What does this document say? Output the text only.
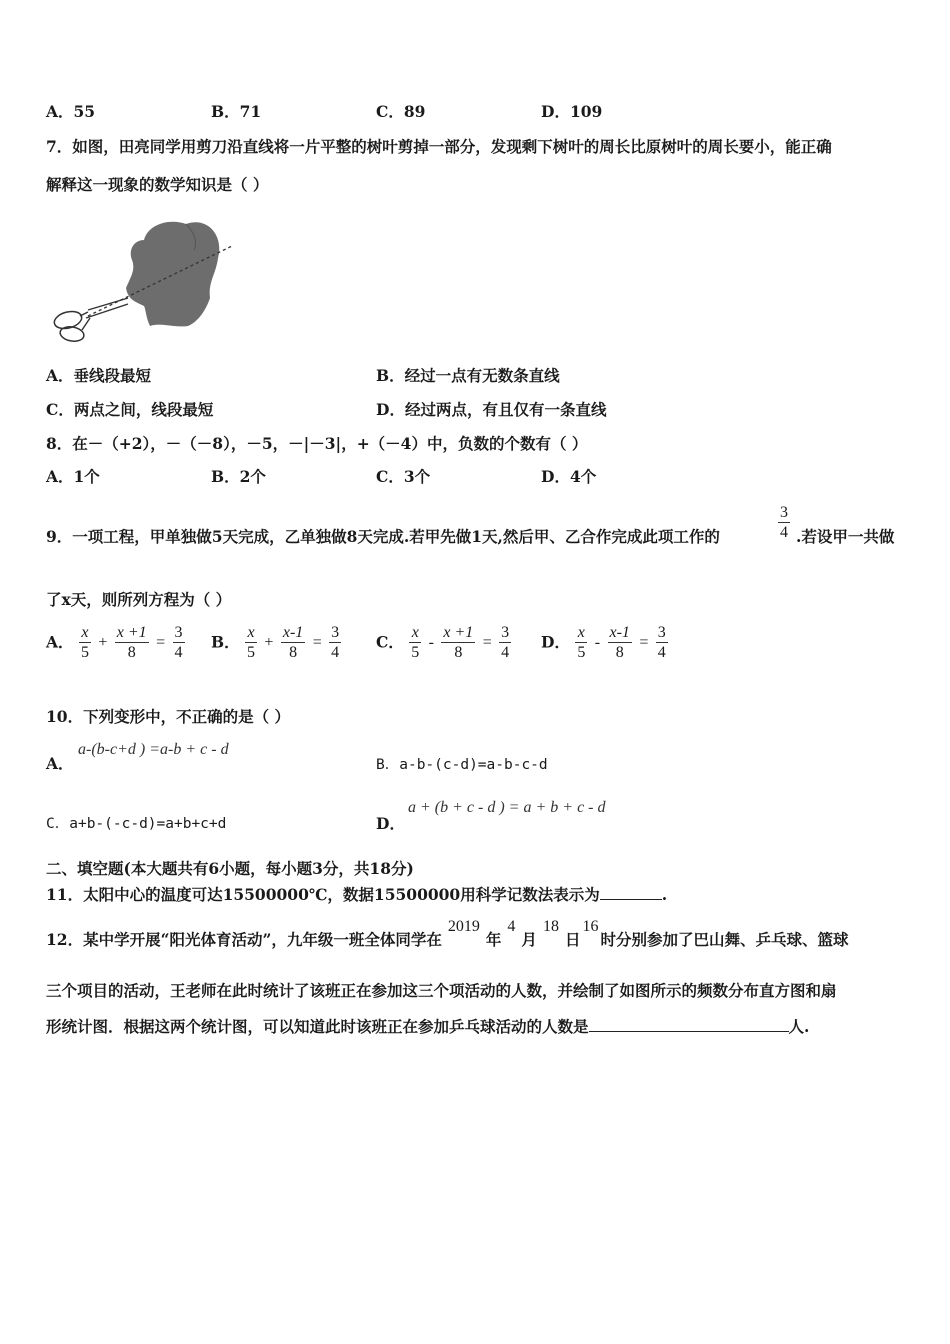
A．55	B．71	C．89	D．109
7．如图，田亮同学用剪刀沿直线将一片平整的树叶剪掉一部分，发现剩下树叶的周长比原树叶的周长要小，能正确
解释这一现象的数学知识是（ ）
A．垂线段最短	B．经过一点有无数条直线
C．两点之间，线段最短	D．经过两点，有且仅有一条直线
8．在－（+2），－（－8），－5，－|－3|，+（－4）中，负数的个数有（ ）
A．1个	B．2个	C．3个	D．4个
9．一项工程，甲单独做5天完成，乙单独做8天完成.若甲先做1天,然后甲、乙合作完成此项工作的	$\frac{3}{4}$ .若设甲一共做
了x天，则所列方程为（ ）
A． $\frac{x}{5} + \frac{x +1}{8} = \frac{3}{4}$ B． $\frac{x}{5} + \frac{x-1}{8} = \frac{3}{4}$ C． $\frac{x}{5} - \frac{x +1}{8} = \frac{3}{4}$ D． $\frac{x}{5} - \frac{x-1}{8} = \frac{3}{4}$
10．下列变形中，不正确的是（ ）
A．
a-(b-c+d ) =a-b + c - d
B．a-b-(c-d)=a-b-c-d
C．a+b-(-c-d)=a+b+c+d	D．
a + (b + c - d ) = a + b + c - d
二、填空题(本大题共有6小题，每小题3分，共18分)
11．太阳中心的温度可达15500000℃，数据15500000用科学记数法表示为	.
12．某中学开展“阳光体育活动”，九年级一班全体同学在2019年4月18日16时分别参加了巴山舞、乒乓球、篮球
三个项目的活动，王老师在此时统计了该班正在参加这三个项活动的人数，并绘制了如图所示的频数分布直方图和扇
形统计图．根据这两个统计图，可以知道此时该班正在参加乒乓球活动的人数是	人.
